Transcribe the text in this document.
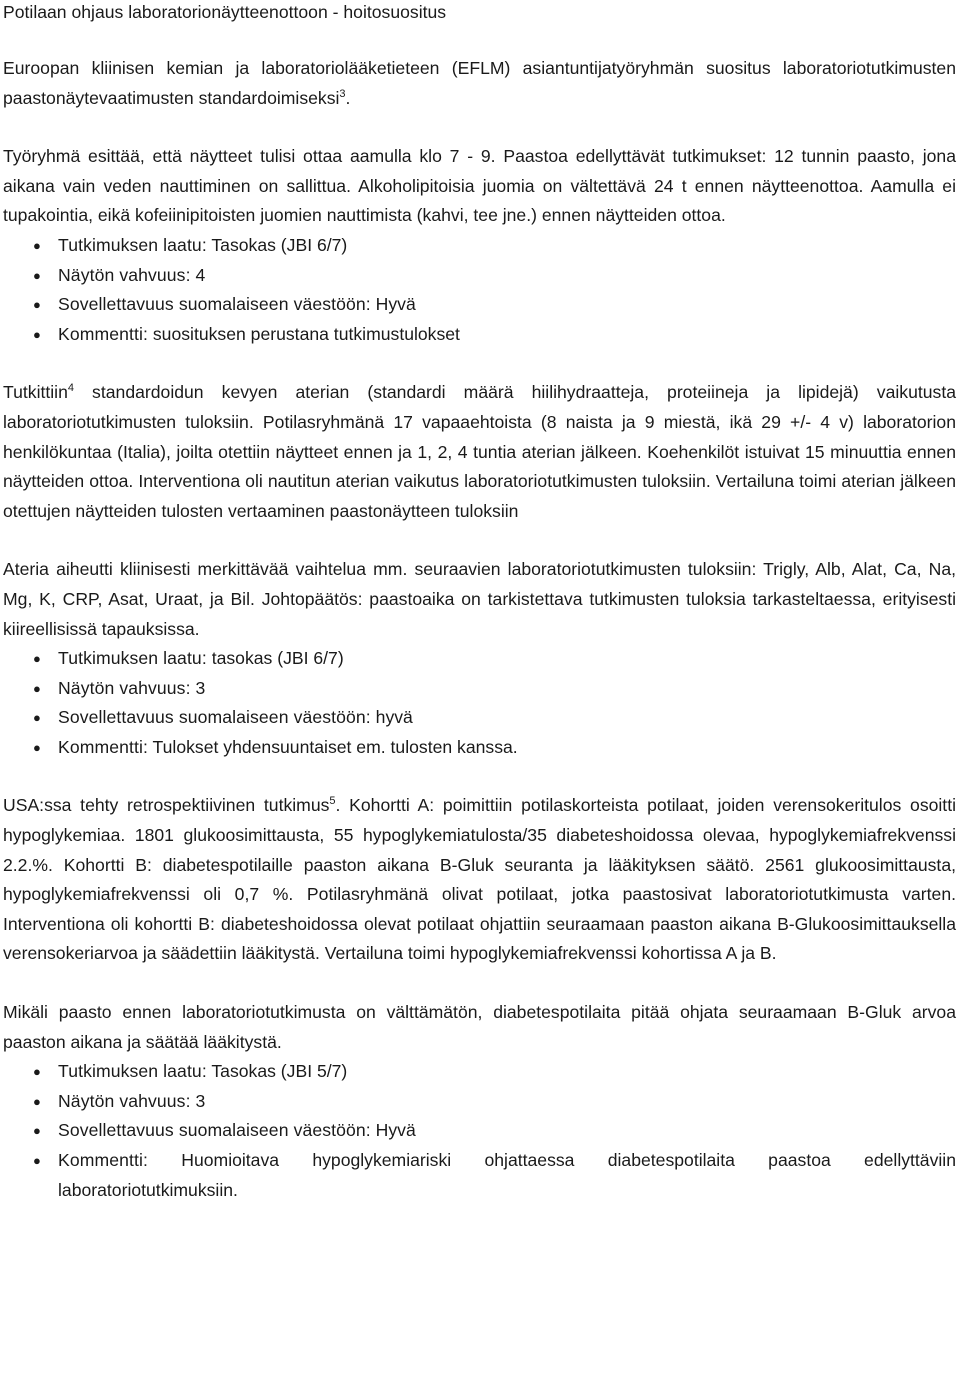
Potilaan ohjaus laboratorionäytteenottoon - hoitosuositus

Euroopan kliinisen kemian ja laboratoriolääketieteen (EFLM) asiantuntijatyöryhmän suositus laboratoriotutkimusten paastonäytevaatimusten standardoimiseksi$^3$.

Työryhmä esittää, että näytteet tulisi ottaa aamulla klo 7 - 9. Paastoa edellyttävät tutkimukset: 12 tunnin paasto, jona aikana vain veden nauttiminen on sallittua. Alkoholipitoisia juomia on vältettävä 24 t ennen näytteenottoa. Aamulla ei tupakointia, eikä kofeiinipitoisten juomien nauttimista (kahvi, tee jne.) ennen näytteiden ottoa.

● Tutkimuksen laatu: Tasokas (JBI 6/7)
● Näytön vahvuus: 4
● Sovellettavuus suomalaiseen väestöön: Hyvä
● Kommentti: suosituksen perustana tutkimustulokset

Tutkittiin$^4$ standardoidun kevyen aterian (standardi määrä hiilihydraatteja, proteiineja ja lipidejä) vaikutusta laboratoriotutkimusten tuloksiin. Potilasryhmänä 17 vapaaehtoista (8 naista ja 9 miestä, ikä 29 +/- 4 v) laboratorion henkilökuntaa (Italia), joilta otettiin näytteet ennen ja 1, 2, 4 tuntia aterian jälkeen. Koehenkilöt istuivat 15 minuuttia ennen näytteiden ottoa. Interventiona oli nautitun aterian vaikutus laboratoriotutkimusten tuloksiin. Vertailuna toimi aterian jälkeen otettujen näytteiden tulosten vertaaminen paastonäytteen tuloksiin

Ateria aiheutti kliinisesti merkittävää vaihtelua mm. seuraavien laboratoriotutkimusten tuloksiin: Trigly, Alb, Alat, Ca, Na, Mg, K, CRP, Asat, Uraat, ja Bil. Johtopäätös: paastoaika on tarkistettava tutkimusten tuloksia tarkasteltaessa, erityisesti kiireellisissä tapauksissa.

● Tutkimuksen laatu: tasokas (JBI 6/7)
● Näytön vahvuus: 3
● Sovellettavuus suomalaiseen väestöön: hyvä
● Kommentti: Tulokset yhdensuuntaiset em. tulosten kanssa.

USA:ssa tehty retrospektiivinen tutkimus$^5$. Kohortti A: poimittiin potilaskorteista potilaat, joiden verensokeritulos osoitti hypoglykemiaa. 1801 glukoosimittausta, 55 hypoglykemiatulosta/35 diabeteshoidossa olevaa, hypoglykemiafrekvenssi 2.2.%. Kohortti B: diabetespotilaille paaston aikana B-Gluk seuranta ja lääkityksen säätö. 2561 glukoosimittausta, hypoglykemiafrekvenssi oli 0,7 %. Potilasryhmänä olivat potilaat, jotka paastosivat laboratoriotutkimusta varten. Interventiona oli kohortti B: diabeteshoidossa olevat potilaat ohjattiin seuraamaan paaston aikana B-Glukoosimittauksella verensokeriarvoa ja säädettiin lääkitystä. Vertailuna toimi hypoglykemiafrekvenssi kohortissa A ja B.

Mikäli paasto ennen laboratoriotutkimusta on välttämätön, diabetespotilaita pitää ohjata seuraamaan B-Gluk arvoa paaston aikana ja säätää lääkitystä.

● Tutkimuksen laatu: Tasokas (JBI 5/7)
● Näytön vahvuus: 3
● Sovellettavuus suomalaiseen väestöön: Hyvä
● Kommentti: Huomioitava hypoglykemiariski ohjattaessa diabetespotilaita paastoa edellyttäviin laboratoriotutkimuksiin.
